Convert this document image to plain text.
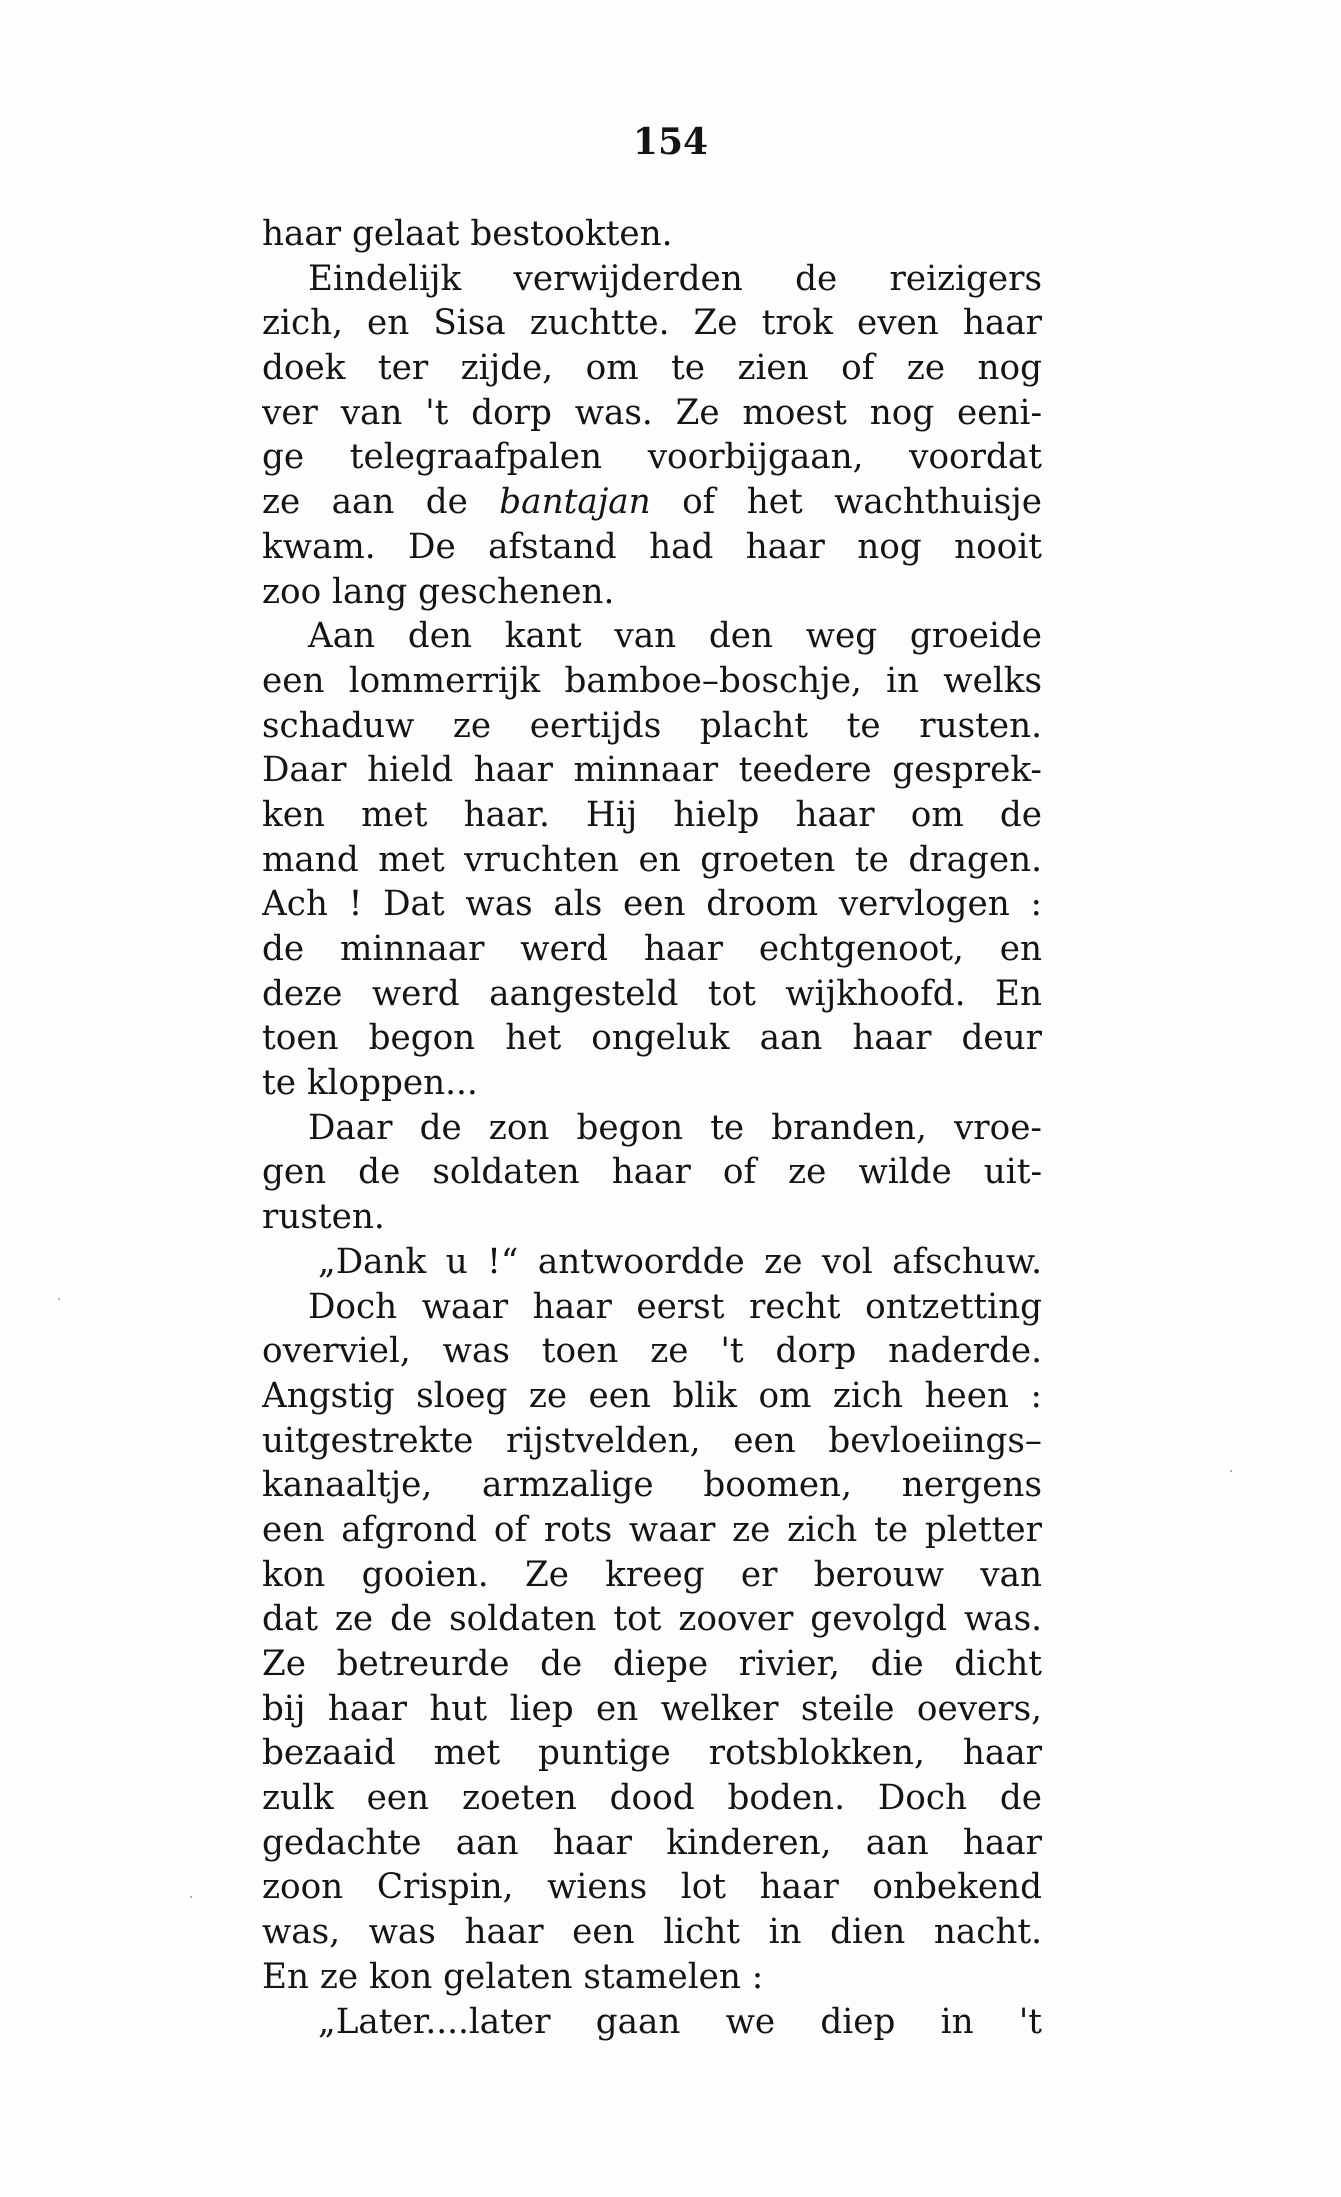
154
haar gelaat bestookten.
Eindelijk verwijderden de reizigers
zich, en Sisa zuchtte. Ze trok even haar
doek ter zijde, om te zien of ze nog
ver van 't dorp was. Ze moest nog eeni-
ge telegraafpalen voorbijgaan, voordat
ze aan de bantajan of het wachthuisje
kwam. De afstand had haar nog nooit
zoo lang geschenen.
Aan den kant van den weg groeide
een lommerrijk bamboe–boschje, in welks
schaduw ze eertijds placht te rusten.
Daar hield haar minnaar teedere gesprek-
ken met haar. Hij hielp haar om de
mand met vruchten en groeten te dragen.
Ach ! Dat was als een droom vervlogen :
de minnaar werd haar echtgenoot, en
deze werd aangesteld tot wijkhoofd. En
toen begon het ongeluk aan haar deur
te kloppen...
Daar de zon begon te branden, vroe-
gen de soldaten haar of ze wilde uit-
rusten.
„Dank u !“ antwoordde ze vol afschuw.
Doch waar haar eerst recht ontzetting
overviel, was toen ze 't dorp naderde.
Angstig sloeg ze een blik om zich heen :
uitgestrekte rijstvelden, een bevloeiings–
kanaaltje, armzalige boomen, nergens
een afgrond of rots waar ze zich te pletter
kon gooien. Ze kreeg er berouw van
dat ze de soldaten tot zoover gevolgd was.
Ze betreurde de diepe rivier, die dicht
bij haar hut liep en welker steile oevers,
bezaaid met puntige rotsblokken, haar
zulk een zoeten dood boden. Doch de
gedachte aan haar kinderen, aan haar
zoon Crispin, wiens lot haar onbekend
was, was haar een licht in dien nacht.
En ze kon gelaten stamelen :
„Later....later gaan we diep in 't
